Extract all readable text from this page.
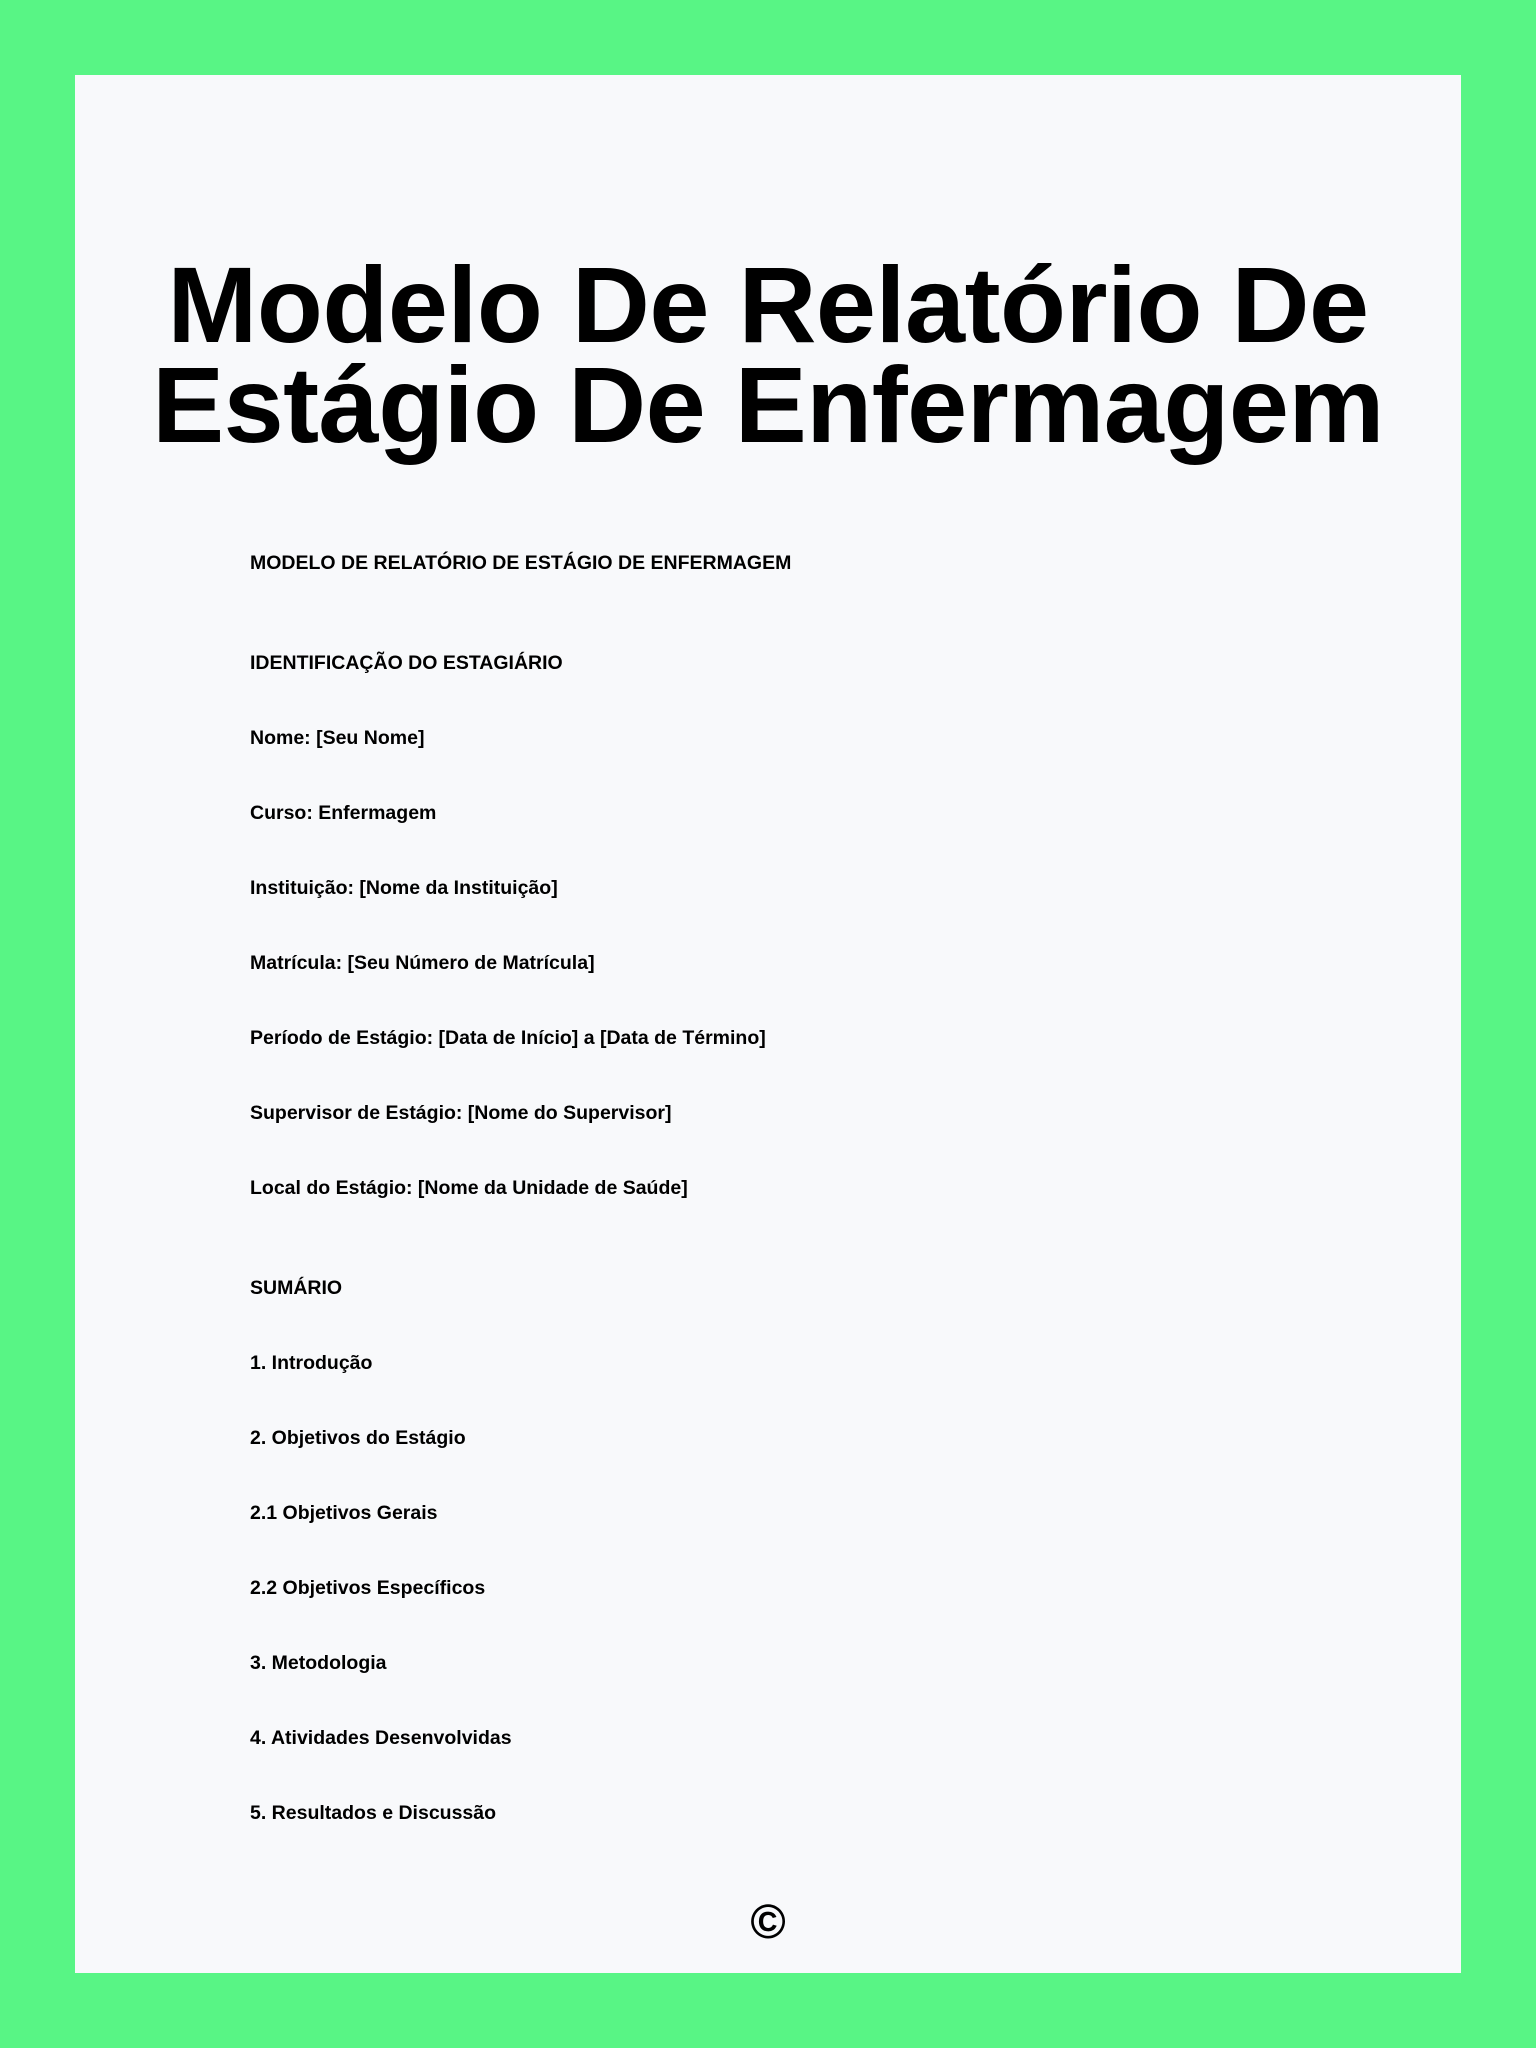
Modelo De Relatório De
Estágio De Enfermagem
MODELO DE RELATÓRIO DE ESTÁGIO DE ENFERMAGEM
IDENTIFICAÇÃO DO ESTAGIÁRIO
Nome: [Seu Nome]
Curso: Enfermagem
Instituição: [Nome da Instituição]
Matrícula: [Seu Número de Matrícula]
Período de Estágio: [Data de Início] a [Data de Término]
Supervisor de Estágio: [Nome do Supervisor]
Local do Estágio: [Nome da Unidade de Saúde]
SUMÁRIO
1. Introdução
2. Objetivos do Estágio
2.1 Objetivos Gerais
2.2 Objetivos Específicos
3. Metodologia
4. Atividades Desenvolvidas
5. Resultados e Discussão
©
